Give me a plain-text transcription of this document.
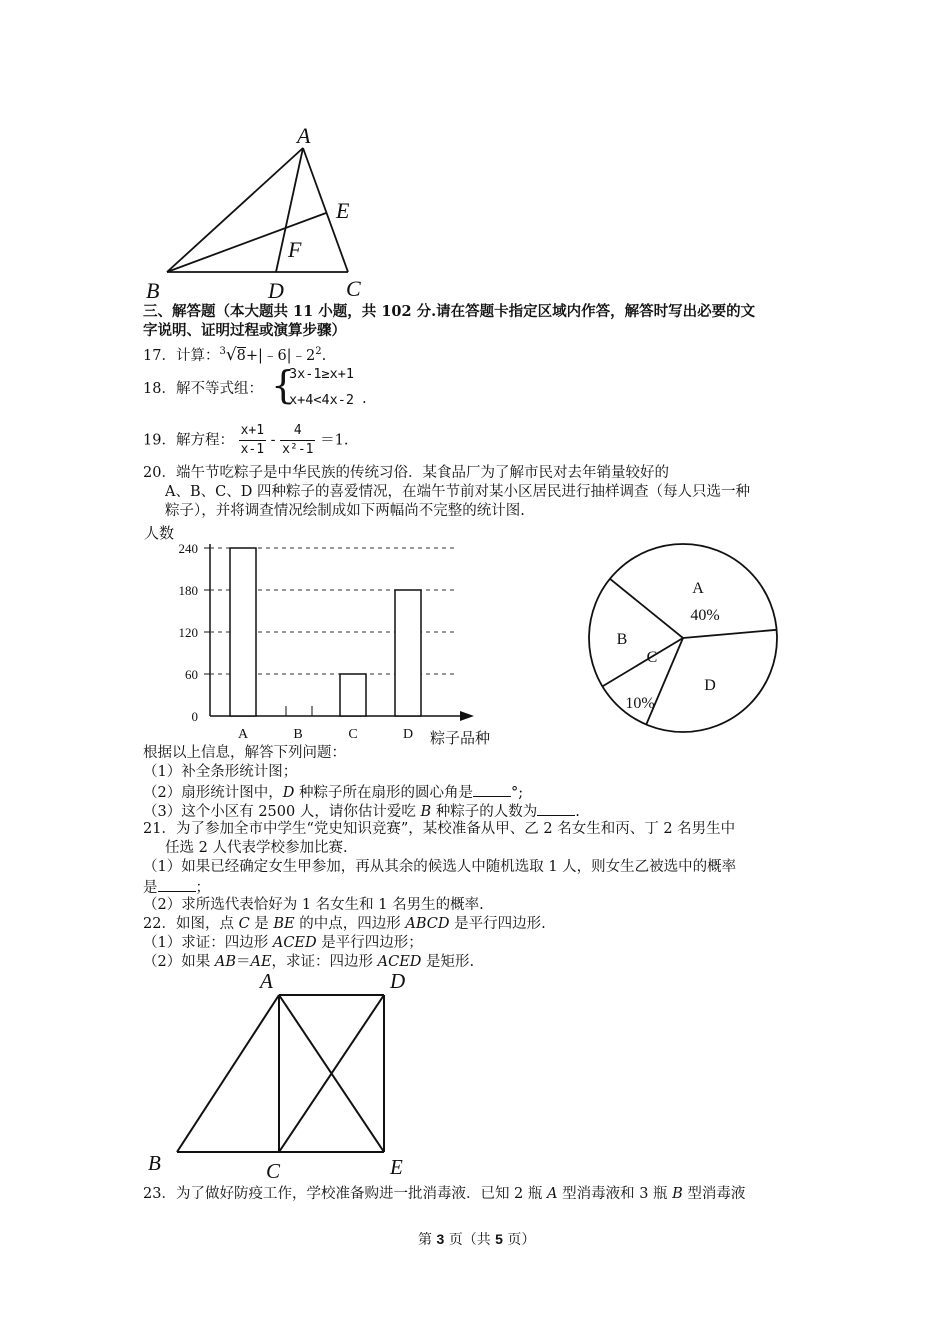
A
E
F
B	D	C
三、解答题（本大题共 11 小题，共 102 分.请在答题卡指定区域内作答，解答时写出必要的文
字说明、证明过程或演算步骤）
17．计算：$^3√8+|﹣6|﹣2^2$.
18．解不等式组： {
3x-1≥x+1
x+4<4x-2 .
19．解方程： $\frac{x+1}{x-1} - \frac{4}{\text{x²-1}} =1$.
20．端午节吃粽子是中华民族的传统习俗．某食品厂为了解市民对去年销量较好的
A、B、C、D 四种粽子的喜爱情况，在端午节前对某小区居民进行抽样调查（每人只选一种
粽子），并将调查情况绘制成如下两幅尚不完整的统计图.
人数
0
60
120
180
240
A	B	C	D 粽子品种
A
40%
D
C
10%
B
根据以上信息，解答下列问题：
（1）补全条形统计图；
（2）扇形统计图中，D 种粽子所在扇形的圆心角是	°;
（3）这个小区有 2500 人，请你估计爱吃 B 种粽子的人数为	.
21．为了参加全市中学生“党史知识竞赛”，某校准备从甲、乙 2 名女生和丙、丁 2 名男生中
任选 2 人代表学校参加比赛.
（1）如果已经确定女生甲参加，再从其余的候选人中随机选取 1 人，则女生乙被选中的概率
是	；
（2）求所选代表恰好为 1 名女生和 1 名男生的概率.
22．如图，点 C 是 BE 的中点，四边形 ABCD 是平行四边形.
（1）求证：四边形 ACED 是平行四边形；
（2）如果 AB＝AE，求证：四边形 ACED 是矩形.
A	D
B	C	E
23．为了做好防疫工作，学校准备购进一批消毒液．已知 2 瓶 A 型消毒液和 3 瓶 B 型消毒液
第 3 页（共 5 页）
